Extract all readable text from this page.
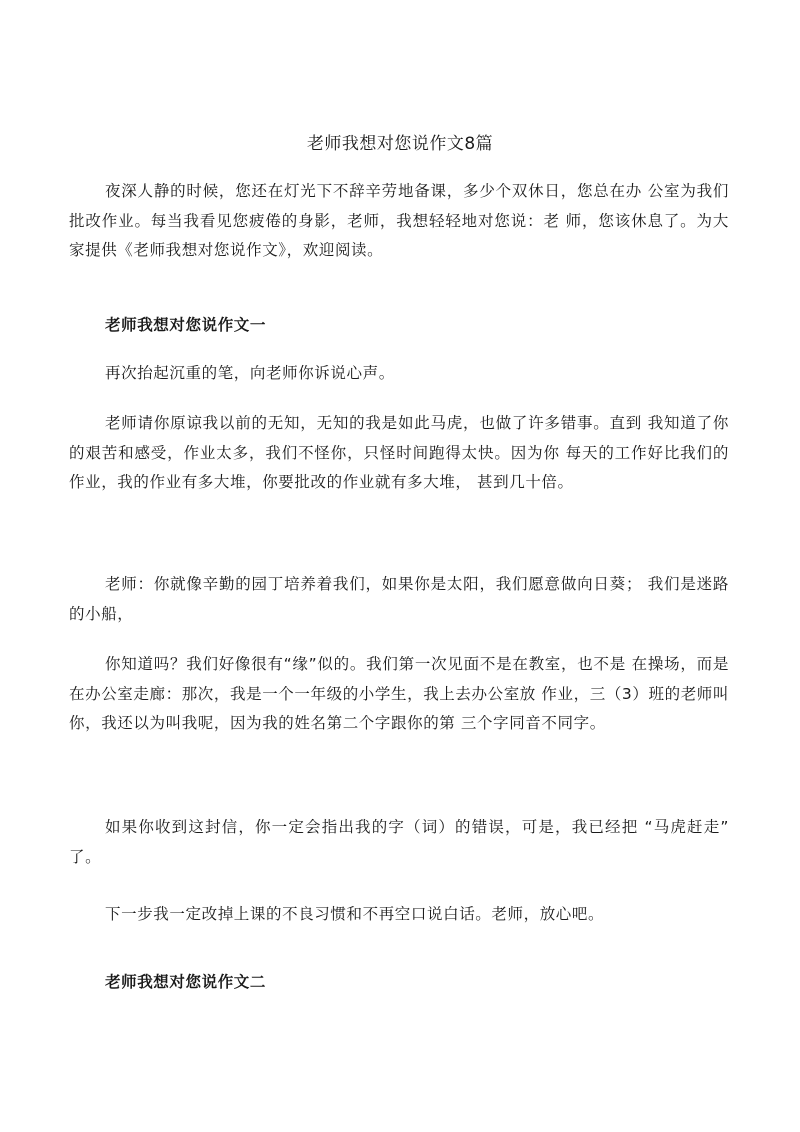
老师我想对您说作文8篇

夜深人静的时候，您还在灯光下不辞辛劳地备课，多少个双休日，您总在办 公室为我们批改作业。每当我看见您疲倦的身影，老师，我想轻轻地对您说：老 师，您该休息了。为大家提供《老师我想对您说作文》，欢迎阅读。

老师我想对您说作文一

再次抬起沉重的笔，向老师你诉说心声。

老师请你原谅我以前的无知，无知的我是如此马虎，也做了许多错事。直到 我知道了你的艰苦和感受，作业太多，我们不怪你，只怪时间跑得太快。因为你 每天的工作好比我们的作业，我的作业有多大堆，你要批改的作业就有多大堆， 甚到几十倍。

老师：你就像辛勤的园丁培养着我们，如果你是太阳，我们愿意做向日葵； 我们是迷路的小船，

你知道吗？我们好像很有“缘”似的。我们第一次见面不是在教室，也不是 在操场，而是在办公室走廊：那次，我是一个一年级的小学生，我上去办公室放 作业，三（3）班的老师叫你，我还以为叫我呢，因为我的姓名第二个字跟你的第 三个字同音不同字。

如果你收到这封信，你一定会指出我的字（词）的错误，可是，我已经把 “马虎赶走” 了。

下一步我一定改掉上课的不良习惯和不再空口说白话。老师，放心吧。

老师我想对您说作文二
